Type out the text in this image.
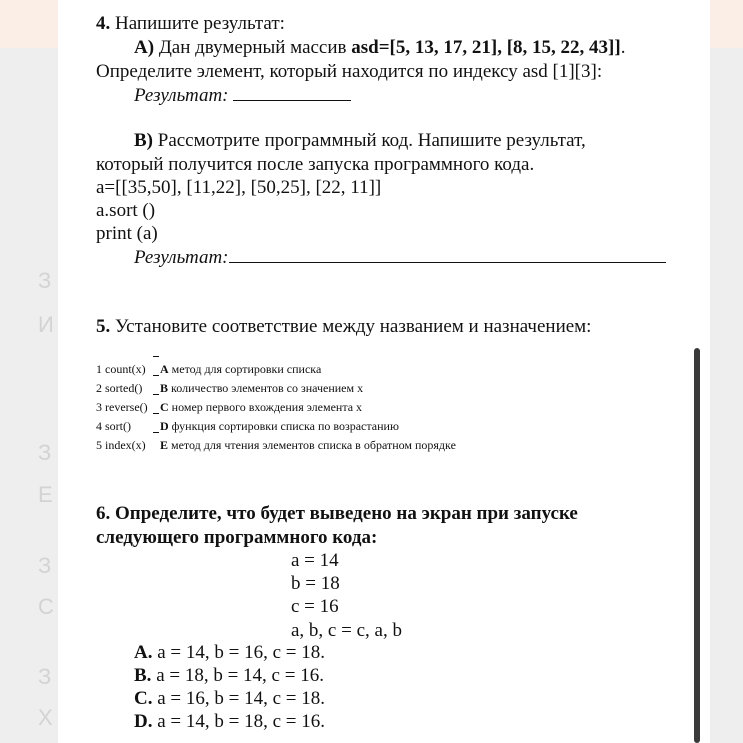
З
И
З
Е
З
С
З
Х
4. Напишите результат:
A) Дан двумерный массив asd=[5, 13, 17, 21], [8, 15, 22, 43]].
Определите элемент, который находится по индексу asd [1][3]:
Результат:
B) Рассмотрите программный код. Напишите результат,
который получится после запуска программного кода.
a=[[35,50], [11,22], [50,25], [22, 11]]
a.sort ()
print (a)
Результат:
5. Установите соответствие между названием и назначением:
1 count(x) A метод для сортировки списка
2 sorted() B количество элементов со значением x
3 reverse() C номер первого вхождения элемента x
4 sort() D функция сортировки списка по возрастанию
5 index(x) E метод для чтения элементов списка в обратном порядке
6. Определите, что будет выведено на экран при запуске
следующего программного кода:
a = 14
b = 18
c = 16
a, b, c = c, a, b
A. a = 14, b = 16, c = 18.
B. a = 18, b = 14, c = 16.
C. a = 16, b = 14, c = 18.
D. a = 14, b = 18, c = 16.
